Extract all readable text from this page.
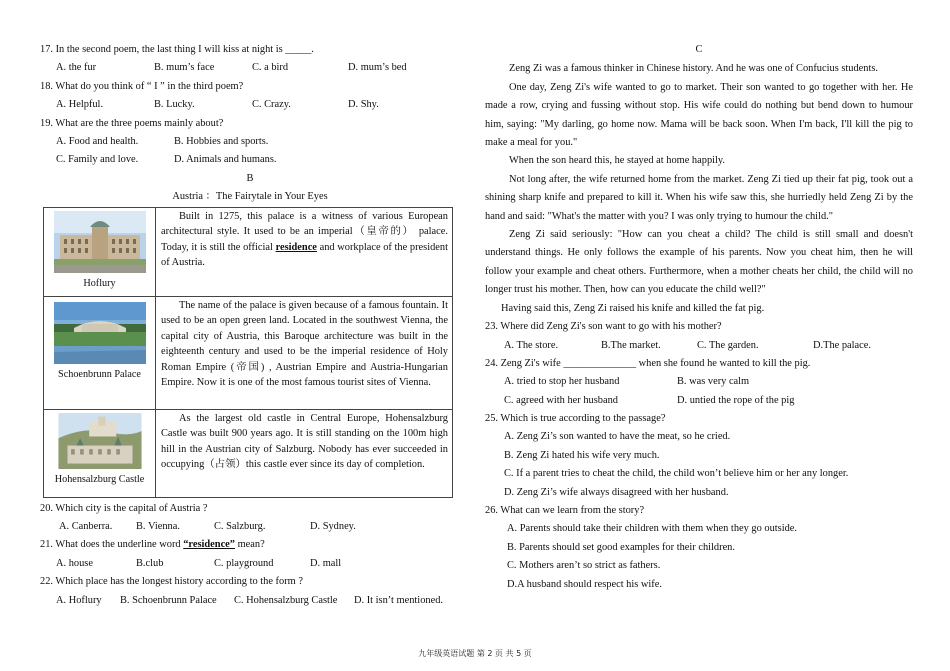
17. In the second poem, the last thing I will kiss at night is _____.

A. the fur	B. mum’s face	C. a bird	D. mum’s bed

18. What do you think of “ I ” in the third poem?

A. Helpful.	B. Lucky.	C. Crazy.	D. Shy.

19. What are the three poems mainly about?

A. Food and health.	B. Hobbies and sports.
C. Family and love.	D. Animals and humans.

B

Austria ：The Fairytale in Your Eyes

Hoflury	Built in 1275, this palace is a witness of various European architectural style. It used to be an imperial（皇帝的） palace. Today, it is still the official residence and workplace of the president of Austria.

Schoenbrunn Palace	The name of the palace is given because of a famous fountain. It used to be an open green land. Located in the southwest Vienna, the capital city of Austria, this Baroque architecture was built in the eighteenth century and used to be the imperial residence of Holy Roman Empire (帝国) , Austrian Empire and Austria-Hungarian Empire. Now it is one of the most famous tourist sites of Vienna.

Hohensalzburg Castle	As the largest old castle in Central Europe, Hohensalzburg Castle was built 900 years ago. It is still standing on the 100m high hill in the Austrian city of Salzburg. Nobody has ever succeeded in occupying（占领）this castle ever since its day of completion.

20. Which city is the capital of Austria ?

A. Canberra. B. Vienna.	C. Salzburg.	D. Sydney.

21. What does the underline word “residence” mean?

A. house	B.club	C. playground	D. mall

22. Which place has the longest history according to the form ?

A. Hoflury B. Schoenbrunn Palace C. Hohensalzburg Castle D. It isn’t mentioned.

C

Zeng Zi was a famous thinker in Chinese history. And he was one of Confucius students.

One day, Zeng Zi's wife wanted to go to market. Their son wanted to go together with her. He made a row, crying and fussing without stop. His wife could do nothing but bend down to humour him, saying: "My darling, go home now. Mama will be back soon. When I'm back, I'll kill the pig to make a meal for you."

When the son heard this, he stayed at home happily.

Not long after, the wife returned home from the market. Zeng Zi tied up their fat pig, took out a shining sharp knife and prepared to kill it. When his wife saw this, she hurriedly held Zeng Zi by the hand and said: "What's the matter with you? I was only trying to humour the child."

Zeng Zi said seriously: "How can you cheat a child? The child is still small and doesn't understand things. He only follows the example of his parents. Now you cheat him, then he will follow your example and cheat others. Furthermore, when a mother cheats her child, the child will no longer trust his mother. Then, how can you educate the child well?"

Having said this, Zeng Zi raised his knife and killed the fat pig.

23. Where did Zeng Zi's son want to go with his mother?

A. The store.	B.The market.	C. The garden.	D.The palace.

24. Zeng Zi's wife ______________ when she found he wanted to kill the pig.

A. tried to stop her husband	B. was very calm
C. agreed with her husband	D. untied the rope of the pig

25. Which is true according to the passage?

A. Zeng Zi’s son wanted to have the meat, so he cried.
B. Zeng Zi hated his wife very much.
C. If a parent tries to cheat the child, the child won’t believe him or her any longer.
D. Zeng Zi’s wife always disagreed with her husband.

26. What can we learn from the story?

A. Parents should take their children with them when they go outside.
B. Parents should set good examples for their children.
C. Mothers aren’t so strict as fathers.
D.A husband should respect his wife.
九年级英语试题 第 2 页 共 5 页
